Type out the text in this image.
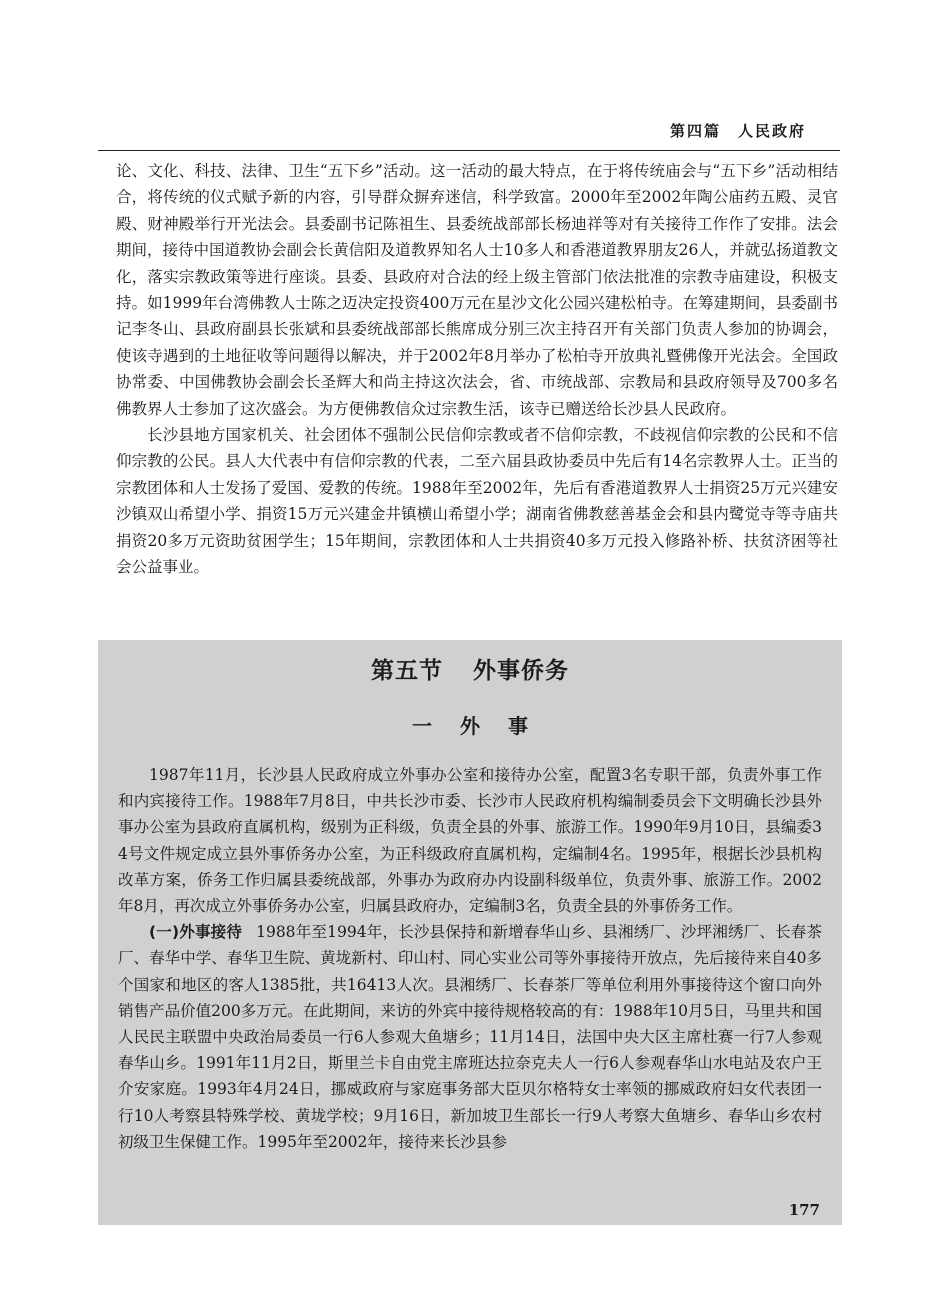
第四篇　人民政府

论、文化、科技、法律、卫生“五下乡”活动。这一活动的最大特点，在于将传统庙会与“五下乡”活动相结合，将传统的仪式赋予新的内容，引导群众摒弃迷信，科学致富。2000年至2002年陶公庙药五殿、灵官殿、财神殿举行开光法会。县委副书记陈祖生、县委统战部部长杨迪祥等对有关接待工作作了安排。法会期间，接待中国道教协会副会长黄信阳及道教界知名人士10多人和香港道教界朋友26人，并就弘扬道教文化，落实宗教政策等进行座谈。县委、县政府对合法的经上级主管部门依法批准的宗教寺庙建设，积极支持。如1999年台湾佛教人士陈之迈决定投资400万元在星沙文化公园兴建松柏寺。在筹建期间，县委副书记李冬山、县政府副县长张斌和县委统战部部长熊席成分别三次主持召开有关部门负责人参加的协调会，使该寺遇到的土地征收等问题得以解决，并于2002年8月举办了松柏寺开放典礼暨佛像开光法会。全国政协常委、中国佛教协会副会长圣辉大和尚主持这次法会，省、市统战部、宗教局和县政府领导及700多名佛教界人士参加了这次盛会。为方便佛教信众过宗教生活，该寺已赠送给长沙县人民政府。

长沙县地方国家机关、社会团体不强制公民信仰宗教或者不信仰宗教，不歧视信仰宗教的公民和不信仰宗教的公民。县人大代表中有信仰宗教的代表，二至六届县政协委员中先后有14名宗教界人士。正当的宗教团体和人士发扬了爱国、爱教的传统。1988年至2002年，先后有香港道教界人士捐资25万元兴建安沙镇双山希望小学、捐资15万元兴建金井镇横山希望小学；湖南省佛教慈善基金会和县内鹭觉寺等寺庙共捐资20多万元资助贫困学生；15年期间，宗教团体和人士共捐资40多万元投入修路补桥、扶贫济困等社会公益事业。

第五节 外事侨务
一外事

1987年11月，长沙县人民政府成立外事办公室和接待办公室，配置3名专职干部，负责外事工作和内宾接待工作。1988年7月8日，中共长沙市委、长沙市人民政府机构编制委员会下文明确长沙县外事办公室为县政府直属机构，级别为正科级，负责全县的外事、旅游工作。1990年9月10日，县编委34号文件规定成立县外事侨务办公室，为正科级政府直属机构，定编制4名。1995年，根据长沙县机构改革方案，侨务工作归属县委统战部，外事办为政府办内设副科级单位，负责外事、旅游工作。2002年8月，再次成立外事侨务办公室，归属县政府办，定编制3名，负责全县的外事侨务工作。

(一)外事接待 1988年至1994年，长沙县保持和新增春华山乡、县湘绣厂、沙坪湘绣厂、长春茶厂、春华中学、春华卫生院、黄垅新村、印山村、同心实业公司等外事接待开放点，先后接待来自40多个国家和地区的客人1385批，共16413人次。县湘绣厂、长春茶厂等单位利用外事接待这个窗口向外销售产品价值200多万元。在此期间，来访的外宾中接待规格较高的有：1988年10月5日，马里共和国人民民主联盟中央政治局委员一行6人参观大鱼塘乡；11月14日，法国中央大区主席杜赛一行7人参观春华山乡。1991年11月2日，斯里兰卡自由党主席班达拉奈克夫人一行6人参观春华山水电站及农户王介安家庭。1993年4月24日，挪威政府与家庭事务部大臣贝尔格特女士率领的挪威政府妇女代表团一行10人考察县特殊学校、黄垅学校；9月16日，新加坡卫生部长一行9人考察大鱼塘乡、春华山乡农村初级卫生保健工作。1995年至2002年，接待来长沙县参

177
